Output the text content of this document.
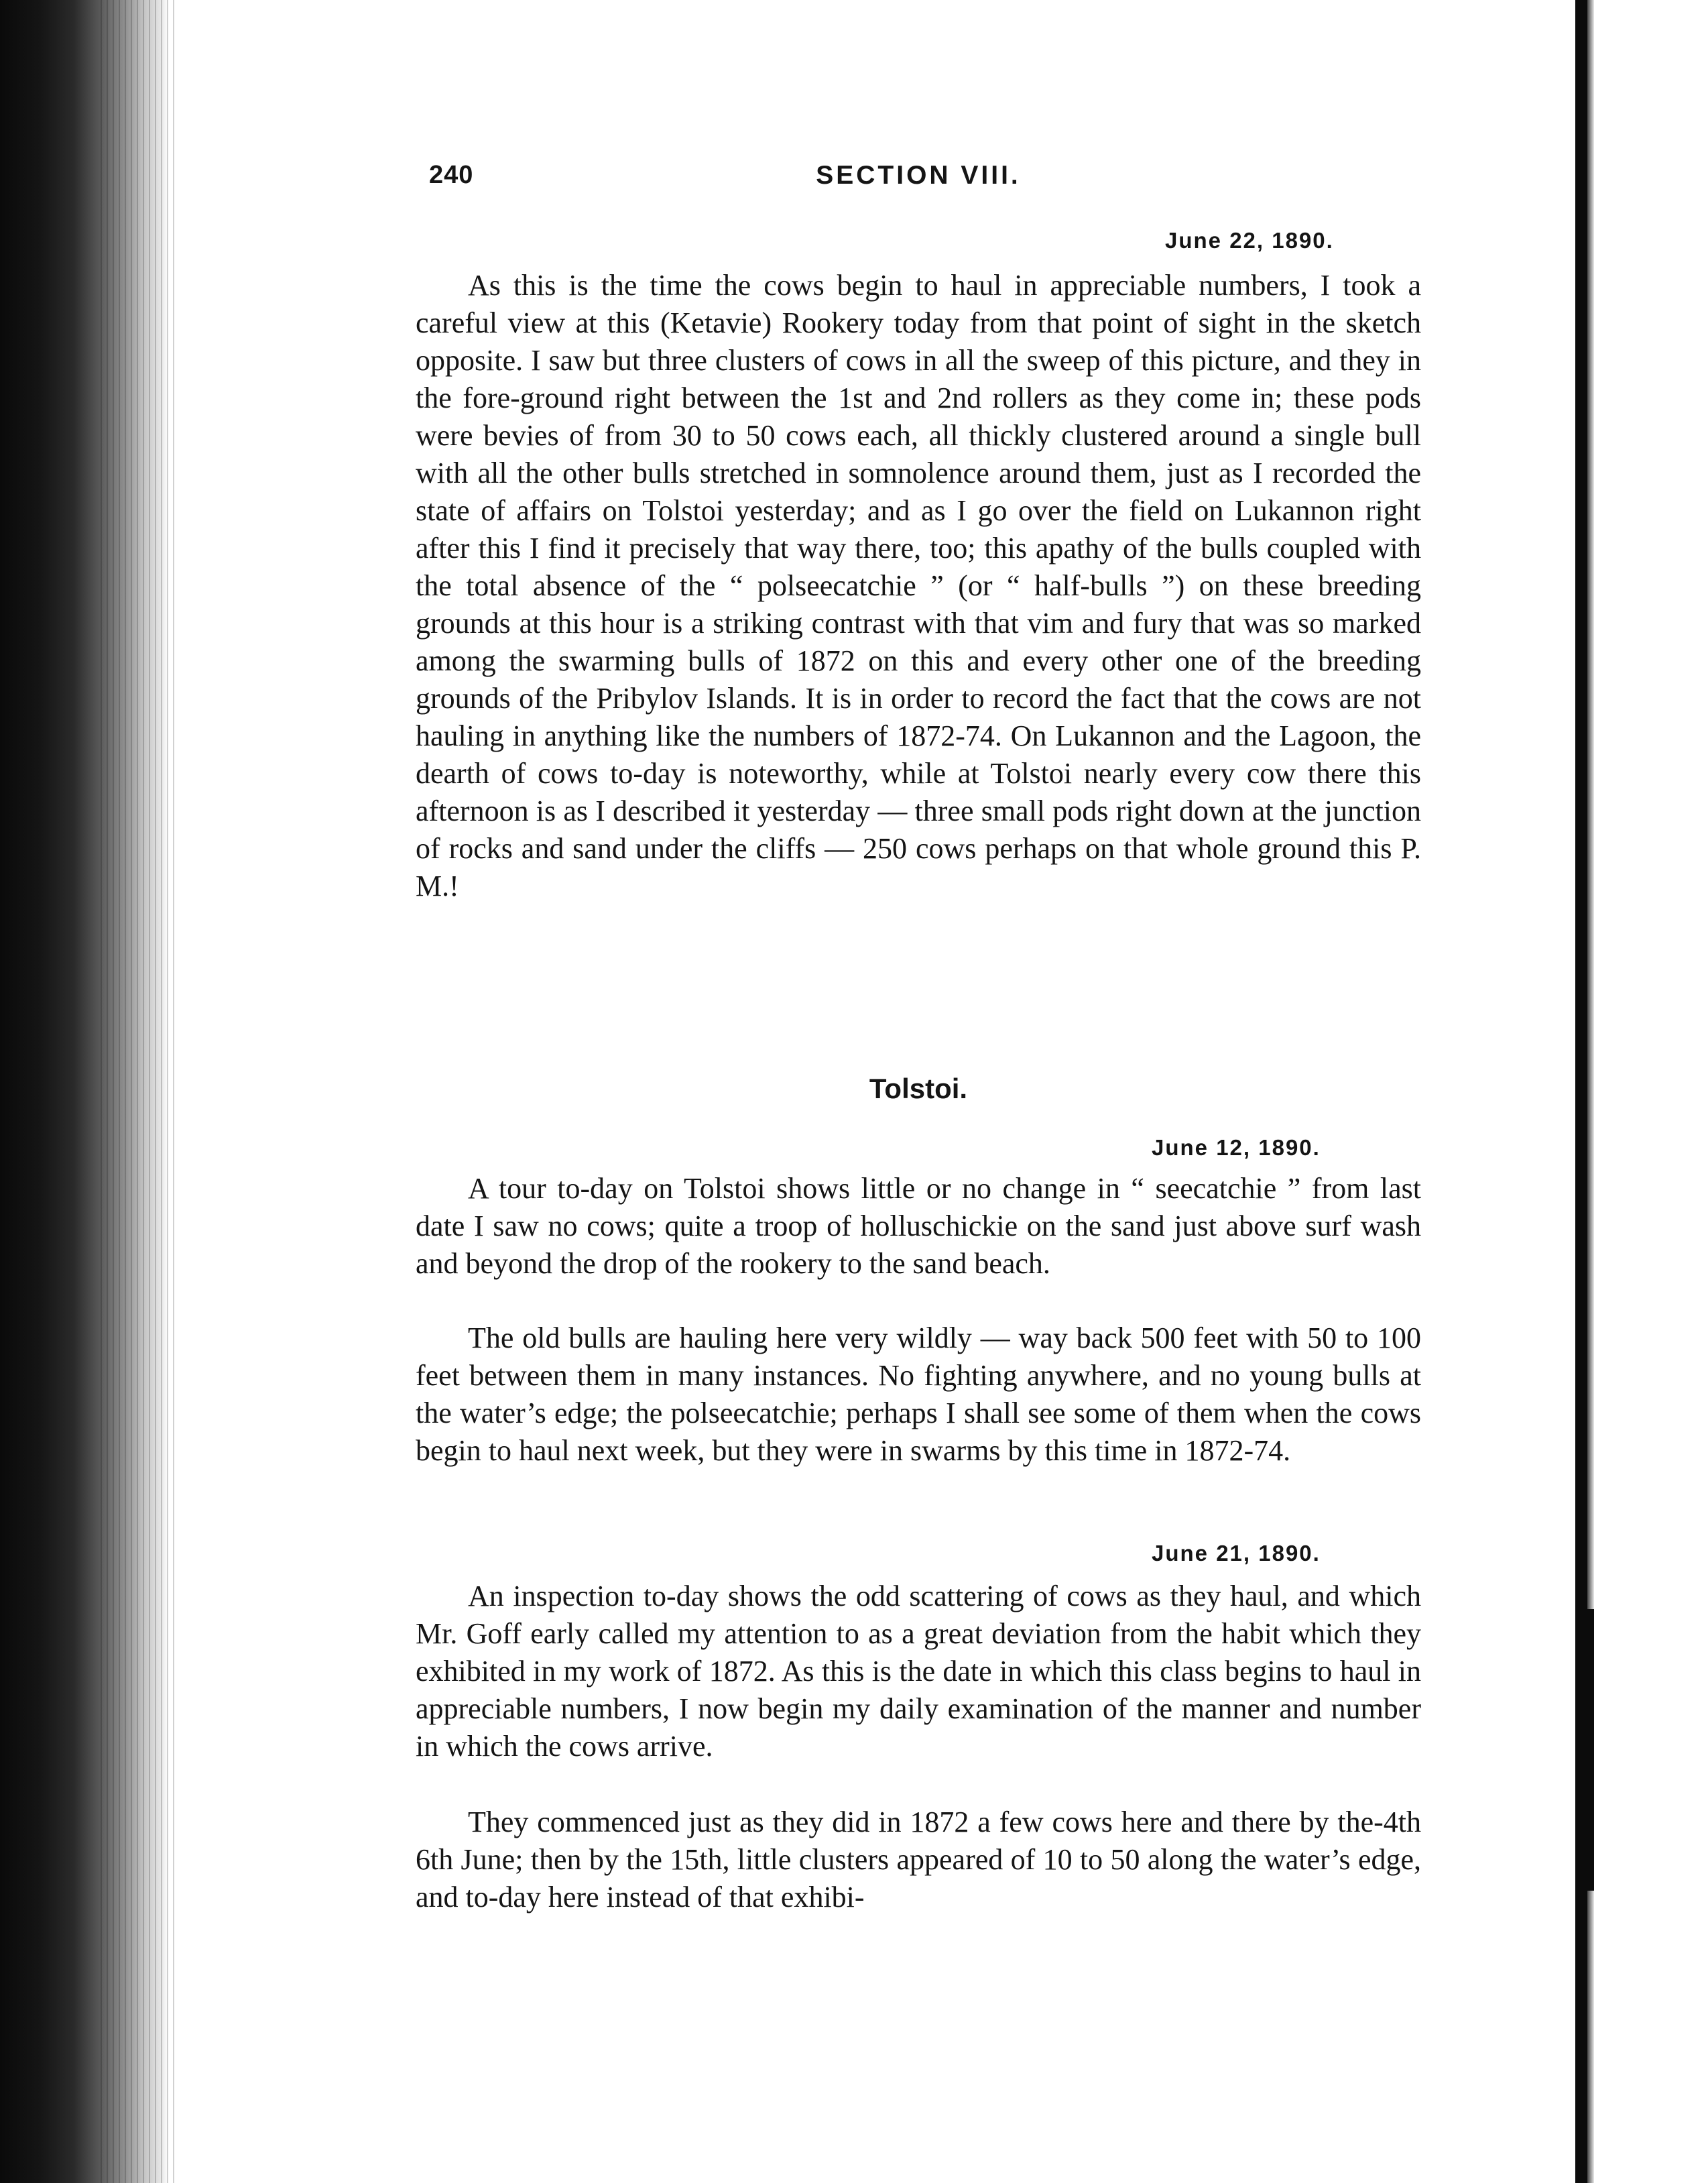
240	SECTION VIII.
June 22, 1890.

As this is the time the cows begin to haul in appreciable numbers, I took a careful view at this (Ketavie) Rookery today from that point of sight in the sketch opposite. I saw but three clusters of cows in all the sweep of this picture, and they in the fore-ground right between the 1st and 2nd rollers as they come in; these pods were bevies of from 30 to 50 cows each, all thickly clustered around a single bull with all the other bulls stretched in somnolence around them, just as I recorded the state of affairs on Tolstoi yesterday; and as I go over the field on Lukannon right after this I find it precisely that way there, too; this apathy of the bulls coupled with the total absence of the “ polseecatchie ” (or “ half-bulls ”) on these breeding grounds at this hour is a striking contrast with that vim and fury that was so marked among the swarming bulls of 1872 on this and every other one of the breeding grounds of the Pribylov Islands. It is in order to record the fact that the cows are not hauling in anything like the numbers of 1872-74. On Lukannon and the Lagoon, the dearth of cows to-day is noteworthy, while at Tolstoi nearly every cow there this afternoon is as I described it yesterday — three small pods right down at the junction of rocks and sand under the cliffs — 250 cows perhaps on that whole ground this P. M.!

Tolstoi.
June 12, 1890.

A tour to-day on Tolstoi shows little or no change in “ seecatchie ” from last date I saw no cows; quite a troop of holluschickie on the sand just above surf wash and beyond the drop of the rookery to the sand beach.

The old bulls are hauling here very wildly — way back 500 feet with 50 to 100 feet between them in many instances. No fighting anywhere, and no young bulls at the water’s edge; the polseecatchie; perhaps I shall see some of them when the cows begin to haul next week, but they were in swarms by this time in 1872-74.

June 21, 1890.

An inspection to-day shows the odd scattering of cows as they haul, and which Mr. Goff early called my attention to as a great deviation from the habit which they exhibited in my work of 1872. As this is the date in which this class begins to haul in appreciable numbers, I now begin my daily examination of the manner and number in which the cows arrive.

They commenced just as they did in 1872 a few cows here and there by the-4th 6th June; then by the 15th, little clusters appeared of 10 to 50 along the water’s edge, and to-day here instead of that exhibi-
